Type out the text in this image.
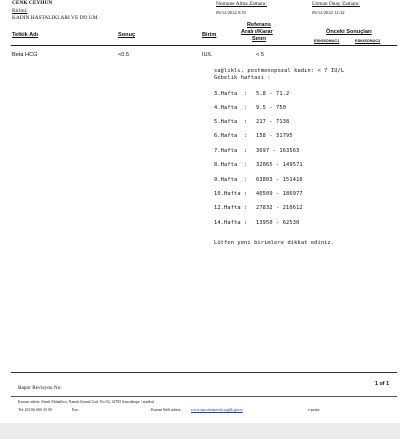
CENK CEYHUN
Birimi:
KADIN HASTALIKLARI VE DO UM
Numune Alma Zamanı:
09/12/2022 8:55
Uzman Onay Zamanı:
09/12/2022 12:32
Tetkik Adı	Sonuç	Birim
Referans
Aralı ı/Karar
Sınırı
Önceki Sonuçları
ESKISONUC1	ESKISONUC2
Beta HCG	<0.5	IU/L	< 5
sağlıklı, postmenopozal kadın: < 7 IU/L
Gebelik haftası :
3.Hafta : 5.8 - 71.2
4.Hafta : 9.5 - 750
5.Hafta : 217 - 7138
6.Hafta : 158 - 31795
7.Hafta : 3697 - 163563
8.Hafta : 32065 - 149571
9.Hafta : 63803 - 151410
10.Hafta : 46509 - 186977
12.Hafta : 27832 - 210612
14.Hafta : 13950 - 62530
Lütfen yeni birimlere dikkat ediniz.
1 of 1
Rapor Revizyon No:
Kurum adresi: Emek Mahallesi, Namık Kemal Cad. No:54, 34785 Sancaktepe / stanbul
Tel: (0216) 606 33 00	Fax:	Kurum Web adresi: www.sancaktepeeah.saglik.gov.tr	e-posta:
